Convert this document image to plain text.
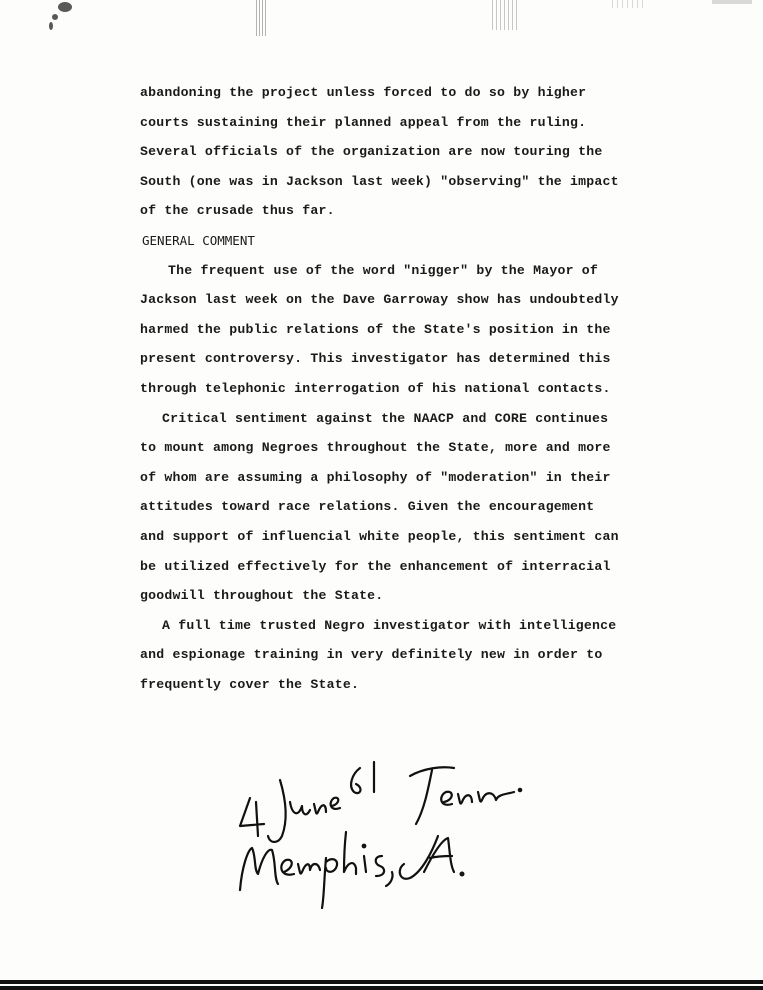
abandoning the project unless forced to do so by higher
courts sustaining their planned appeal from the ruling.
Several officials of the organization are now touring the
South (one was in Jackson last week) "observing" the impact
of the crusade thus far.
GENERAL COMMENT
The frequent use of the word "nigger" by the Mayor of
Jackson last week on the Dave Garroway show has undoubtedly
harmed the public relations of the State's position in the
present controversy. This investigator has determined this
through telephonic interrogation of his national contacts.
Critical sentiment against the NAACP and CORE continues
to mount among Negroes throughout the State, more and more
of whom are assuming a philosophy of "moderation" in their
attitudes toward race relations. Given the encouragement
and support of influencial white people, this sentiment can
be utilized effectively for the enhancement of interracial
goodwill throughout the State.
A full time trusted Negro investigator with intelligence
and espionage training in very definitely new in order to
frequently cover the State.
